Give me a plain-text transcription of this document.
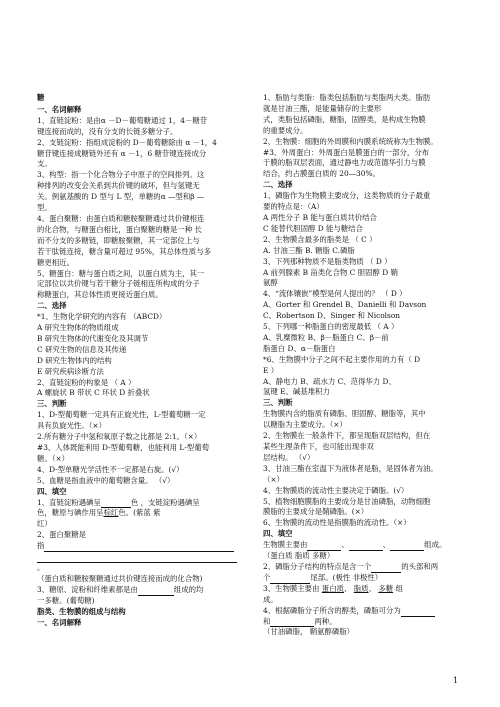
糖
一、名词解释
1、直链淀粉：是由α －D－葡萄糖通过 1，4－糖苷
键连接而成的，没有分支的长链多糖分子。
2、支链淀粉：指组成淀粉的 D－葡萄糖除由 α －1，4
糖苷键连接成糖链外还有 α －1，6 糖苷键连接成分
支。
3、构型：指一个化合物分子中原子的空间排列。这
种排列的改变会关系到共价键的破坏，但与氢键无
关。例氨基酸的 D 型与 L 型，单糖的α —型和β —
型。
4、蛋白聚糖：由蛋白质和糖胺聚糖通过共价键相连
的化合物，与糖蛋白相比，蛋白聚糖的糖是一种 长
而不分支的多糖链，即糖胺聚糖，其一定部位上与
若干肽链连接，糖含量可超过 95%，其总体性质与多
糖更相近。
5、糖蛋白：糖与蛋白质之间，以蛋白质为主，其一
定部位以共价键与若干糖分子链相连所构成的分子
称糖蛋白，其总体性质更接近蛋白质。
二、选择
*1、生物化学研究的内容有 （ABCD）
A 研究生物体的物质组成
B 研究生物体的代谢变化及其调节
C 研究生物的信息及其传递
D 研究生物体内的结构
E 研究疾病诊断方法
2、直链淀粉的构象是 （ A ）
A 螺旋状 B 带状 C 环状 D 折叠状
三、判断
1、D-型葡萄糖一定具有正旋光性，L-型葡萄糖一定
具有负旋光性。（×）
2.所有糖分子中氢和氧原子数之比都是 2:1。（×）
#3、人体既能利用 D-型葡萄糖，也能利用 L-型葡萄
糖。（×）
4、D-型单糖光学活性不一定都是右旋。(√）
5、血糖是指血液中的葡萄糖含量。 （√）
四、填空
1、直链淀粉遇碘呈	色 ，支链淀粉遇碘呈
色，糖原与碘作用呈棕红色。(紫蓝 紫
红）
2、蛋白聚糖是
指
。
（蛋白质和糖胺聚糖通过共价键连接而成的化合物)
3、糖原、淀粉和纤维素都是由	组成的均
一多糖。(葡萄糖)
脂类、生物膜的组成与结构
一、名词解释
1、脂肪与类脂：脂类包括脂肪与类脂两大类。脂肪
就是甘油三酯，是能量储存的主要形
式，类脂包括磷脂，糖脂，固醇类，是构成生物膜
的重要成分。
2、生物膜：细胞的外周膜和内膜系统统称为生物膜。
#3、外周蛋白：外周蛋白是膜蛋白的一部分，分布
于膜的脂双层表面，通过静电力或范德华引力与膜
结合，约占膜蛋白质的 20—30%。
二、选择
1、磷脂作为生物膜主要成分，这类物质的分子最重
要的特点是：（A）
A 两性分子 B 能与蛋白质共价结合
C 能替代胆固醇 D 能与糖结合
2、生物膜含最多的脂类是 （ C ）
A. 甘油三酯 B. 糖脂 C.磷脂
3、下列那种物质不是脂类物质 （ D ）
A 前列腺素 B 甾类化合物 C 胆固醇 D 鞘
氨醇
4、“流体镶嵌”模型是何人提出的？ （ D ）
A、Gorter 和 Grendel B、Danielli 和 Davson
C、Robertson D、Singer 和 Nicolson
5、下列哪一种脂蛋白的密度最低 （ A ）
A、乳糜微粒 B、β－脂蛋白 C、β－前
脂蛋白 D、α－脂蛋白
*6、生物膜中分子之间不起主要作用的力有（ D
E ）
A、静电力 B、疏水力 C、范得华力 D、
氢键 E、碱基堆积力
三、判断
生物膜内含的脂质有磷脂、胆固醇、糖脂等，其中
以糖脂为主要成分。（×）
2、生物膜在一般条件下，都呈现脂双层结构，但在
某些生理条件下，也可能出现非双
层结构。 （√）
3、甘油三酯在室温下为液体者是脂，是固体者为油。
（×）
4、生物膜质的流动性主要决定于磷脂。(√）
5、植物细胞膜脂的主要成分是甘油磷脂，动物细胞
膜脂的主要成分是鞘磷脂。(×）
6、生物膜的流动性是指膜脂的流动性。（×）
四、填空
生物膜主要由	、	、	组成。
（蛋白质 脂质 多糖）
2、磷脂分子结构的特点是含一个	的头部和两
个	尾部。(极性 非极性）
3、生物膜主要由 蛋白质、 脂质、 多糖 组
成。
4、根据磷脂分子所含的醇类，磷脂可分为
和	两种。
（甘油磷脂， 鞘氨醇磷脂）
1
